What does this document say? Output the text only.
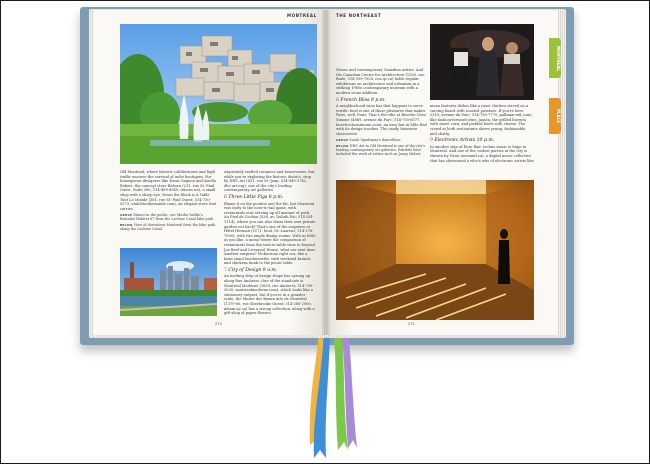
MONTREAL

Old Montreal, where historic cobblestones and high traffic ensures the survival of indie boutiques. For homegrown designers like Denis Gagnon and Ariella Robert, the concept store Reborn (231, rue St.-Paul Ouest, Suite 300; 514-499-8549, reborn.ws), a small shop with a sharp eye. Down the block is A Table Tout Le Monde (361, rue St.-Paul Ouest; 514-750-0573, atabletoutlemonde.com), an elegant store that carries

ABOVE Dinner in the public, see Moshe Safdie's Brutalist Habitat 67 from the Lachine Canal bike path.

BELOW View of downtown Montreal from the bike path along the Lachine Canal.

exquisitely crafted ceramics and housewares, but while you're exploring the historic district, stop by DHC Art (451, rue St.-Jean; 514-849-3742, dhc-art.org), one of the city's leading contemporary art galleries.

6 Three Little Pigs 8 p.m.

Blame it on the poutine and the fat, but Montreal was early to the nose-to-tail game, with restaurants now serving up all manner of pork. Au Pied de Cochon (536, av. Duluth Est; 514-281-1114), where you can also claim their own private garden out back? That's one of the surprises at Hôtel Herman (5171, boul. St.-Laurent; 514-278-7000), with two ample dining rooms. With as little as you like, a menu where the comparison of restaurants from the turn-to-table wine to beyond Joe Beef and Liverpool House, what are next door. Another surprise? McKiernan right out, like a farm stand luncheonette, with weekend brunch and chickens bunk to the picnic table.

7 City of Design 9 a.m.

An inviting strip of design shops has sprung up along Rue Amherst. One of the standouts is Montréal Moderne (1650, rue Amherst; 514-799-5030, montrealmoderne.com), which looks like a stationery outpost, but if you're in a grander scale, the Musée des Beaux-Arts de Montréal (1379-80, rue Sherbrooke Ouest; 514-285-2000, mbam.qc.ca) has a strong collection, along with a gift shop of paper flowers.

270
THE NORTHEAST

Shows and contemporary Canadian artists. And the Canadian Centre for Architecture (1920, rue Baile; 514-939-7026, cca.qc.ca) holds regular exhibitions on architecture and urbanism in a striking 1980s contemporary museum with a modern stone addition.

8 French Bliss 8 p.m.

A neighborhood wine bar that happens to serve terrific food is one of those pleasures that makes Paris, well, Paris. That's the vibe at Buvette Chez Simone (4869, avenue du Parc; 514-750-6577, buvettechezsimone.com), an easy bar in Mile End with its design touches. The candy brasserie charcuterie.

ABOVE Sarah Spadomas's dancefloor.

BELOW DHC Art in Old Montreal is one of the city's leading contemporary art galleries. Exhibits have included the work of artists such as Jenny Holzer.

menu features dishes like a roast chicken served on a carving board with roasted potatoes. If you're here, 2319, avenue du Parc; 514-750-7770, pullman-mtl.com), like fashion-forward wine, jamón, the grilled burrata with sweet corn, and pickled beets with cheese. The crowd at both restaurants skews young, fashionable, and chatty.

9 Electronic Artists 10 p.m.

In another sign of Euro flair, techno music is huge in Montreal. And one of the coolest parties in the city is thrown by Neon (neonmtl.ca), a digital music collective that has showcased a who's who of electronic artists like

271
MONTREAL
PLACE
